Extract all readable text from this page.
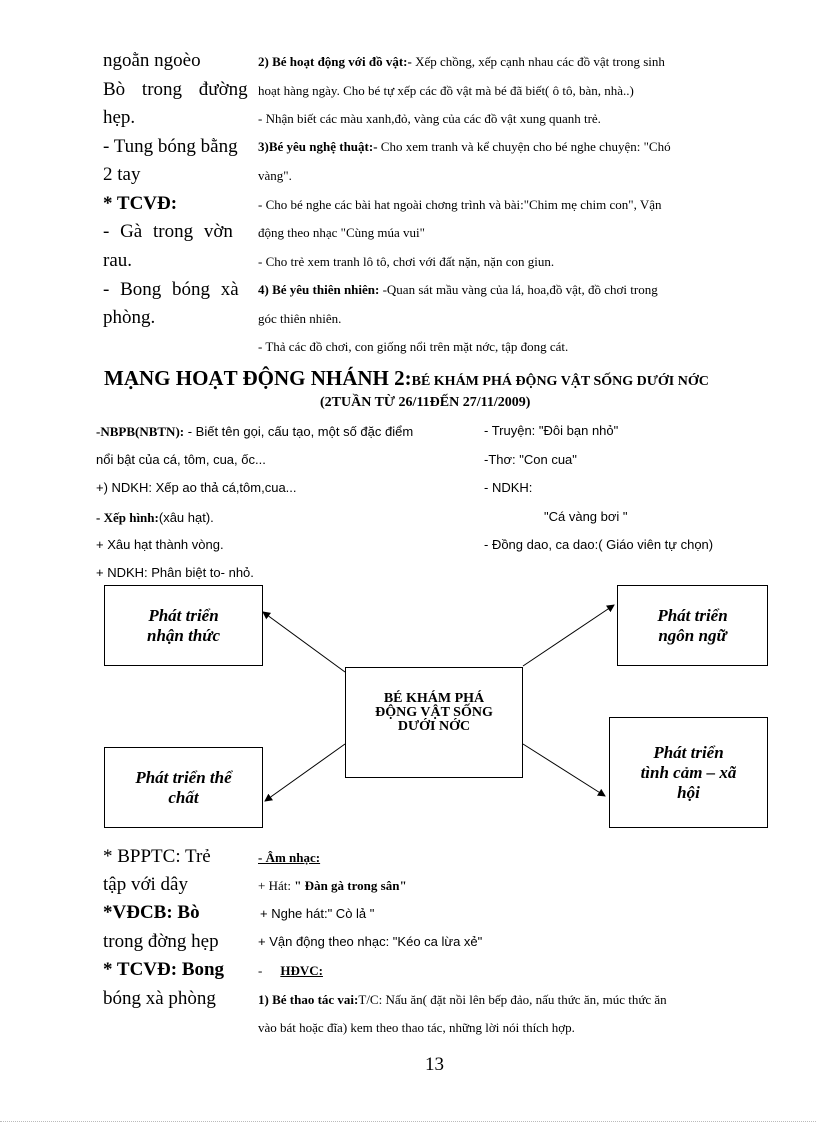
ngoằn ngoèo
Bò trong đường
hẹp.
- Tung bóng bằng
2 tay
* TCVĐ:
- Gà trong vờn
rau.
- Bong bóng xà
phòng.
2) Bé hoạt động với đồ vật:- Xếp chồng, xếp cạnh nhau các đồ vật trong sinh
hoạt hàng ngày. Cho bé tự xếp các đồ vật mà bé đã biết( ô tô, bàn, nhà..)
- Nhận biết các màu xanh,đỏ, vàng của các đồ vật xung quanh trẻ.
3)Bé yêu nghệ thuật:- Cho xem tranh và kể chuyện cho bé nghe chuyện: "Chó
vàng".
- Cho bé nghe các bài hat ngoài chơng trình và bài:"Chim mẹ chim con", Vận
động theo nhạc "Cùng múa vui"
- Cho trẻ xem tranh lô tô, chơi với đất nặn, nặn con giun.
4) Bé yêu thiên nhiên: -Quan sát mầu vàng của lá, hoa,đồ vật, đồ chơi trong
góc thiên nhiên.
- Thả các đồ chơi, con giống nổi trên mặt nớc, tập đong cát.
MẠNG HOẠT ĐỘNG NHÁNH 2:BÉ KHÁM PHÁ ĐỘNG VẬT SỐNG DƯỚI NỚC
(2TUẦN TỪ 26/11ĐẾN 27/11/2009)
-NBPB(NBTN): - Biết tên gọi, cấu tạo, một số đặc điểm
nổi bật của cá, tôm, cua, ốc...
+) NDKH: Xếp ao thả cá,tôm,cua...
- Xếp hình:(xâu hạt).
+ Xâu hạt thành vòng.
+ NDKH: Phân biệt to- nhỏ.
- Truyện: "Đôi bạn nhỏ"
-Thơ: "Con cua"
- NDKH:
"Cá vàng bơi "
- Đồng dao, ca dao:( Giáo viên tự chọn)
Phát triển
nhận thức
Phát triển
ngôn ngữ
BÉ KHÁM PHÁ
ĐỘNG VẬT SỐNG
DƯỚI NỚC
Phát triển thể
chất
Phát triển
tình cảm – xã
hội
* BPPTC: Trẻ
tập với dây
*VĐCB: Bò
trong đờng hẹp
* TCVĐ: Bong
bóng xà phòng
- Âm nhạc:
+ Hát: " Đàn gà trong sân"
+ Nghe hát:" Cò lả "
+ Vận động theo nhạc: "Kéo ca lừa xẻ"
- HĐVC:
1) Bé thao tác vai:T/C: Nấu ăn( đặt nồi lên bếp đảo, nấu thức ăn, múc thức ăn
vào bát hoặc đĩa) kem theo thao tác, những lời nói thích hợp.
13
